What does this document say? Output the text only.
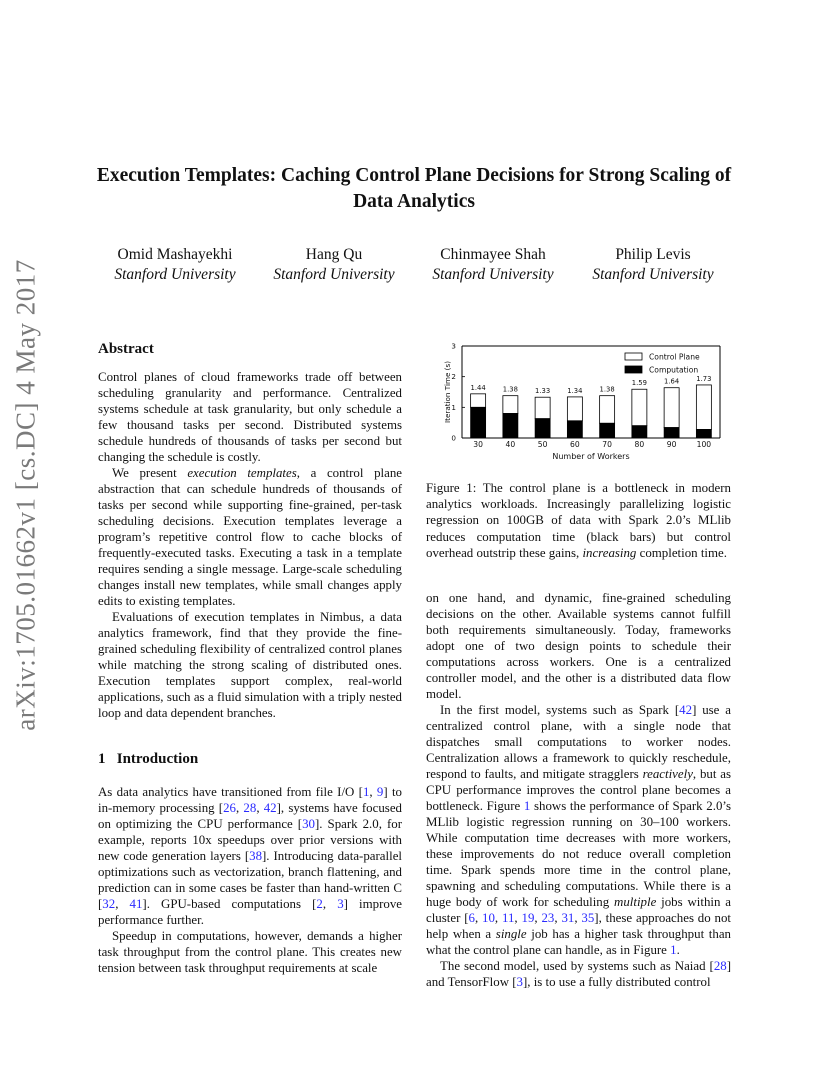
arXiv:1705.01662v1 [cs.DC] 4 May 2017
Execution Templates: Caching Control Plane Decisions for Strong Scaling of Data Analytics
Omid Mashayekhi
Stanford University
Hang Qu
Stanford University
Chinmayee Shah
Stanford University
Philip Levis
Stanford University
Abstract

Control planes of cloud frameworks trade off between scheduling granularity and performance. Centralized systems schedule at task granularity, but only schedule a few thousand tasks per second. Distributed systems schedule hundreds of thousands of tasks per second but changing the schedule is costly.

We present execution templates, a control plane abstraction that can schedule hundreds of thousands of tasks per second while supporting fine-grained, per-task scheduling decisions. Execution templates leverage a program’s repetitive control flow to cache blocks of frequently-executed tasks. Executing a task in a template requires sending a single message. Large-scale scheduling changes install new templates, while small changes apply edits to existing templates.

Evaluations of execution templates in Nimbus, a data analytics framework, find that they provide the fine-grained scheduling flexibility of centralized control planes while matching the strong scaling of distributed ones. Execution templates support complex, real-world applications, such as a fluid simulation with a triply nested loop and data dependent branches.

1 Introduction

As data analytics have transitioned from file I/O [1, 9] to in-memory processing [26, 28, 42], systems have focused on optimizing the CPU performance [30]. Spark 2.0, for example, reports 10x speedups over prior versions with new code generation layers [38]. Introducing data-parallel optimizations such as vectorization, branch flattening, and prediction can in some cases be faster than hand-written C [32, 41]. GPU-based computations [2, 3] improve performance further.

Speedup in computations, however, demands a higher task throughput from the control plane. This creates new tension between task throughput requirements at scale

0
1
2
3
Iteration Time (s)	1.44
30
1.38
40
1.33
50
1.34
60
1.38
70
1.59
80
1.64
90
1.73
100
Number of Workers
Control Plane
Computation
Figure 1: The control plane is a bottleneck in modern analytics workloads. Increasingly parallelizing logistic regression on 100GB of data with Spark 2.0’s MLlib reduces computation time (black bars) but control overhead outstrip these gains, increasing completion time.

on one hand, and dynamic, fine-grained scheduling decisions on the other. Available systems cannot fulfill both requirements simultaneously. Today, frameworks adopt one of two design points to schedule their computations across workers. One is a centralized controller model, and the other is a distributed data flow model.

In the first model, systems such as Spark [42] use a centralized control plane, with a single node that dispatches small computations to worker nodes. Centralization allows a framework to quickly reschedule, respond to faults, and mitigate stragglers reactively, but as CPU performance improves the control plane becomes a bottleneck. Figure 1 shows the performance of Spark 2.0’s MLlib logistic regression running on 30–100 workers. While computation time decreases with more workers, these improvements do not reduce overall completion time. Spark spends more time in the control plane, spawning and scheduling computations. While there is a huge body of work for scheduling multiple jobs within a cluster [6, 10, 11, 19, 23, 31, 35], these approaches do not help when a single job has a higher task throughput than what the control plane can handle, as in Figure 1.

The second model, used by systems such as Naiad [28] and TensorFlow [3], is to use a fully distributed control
